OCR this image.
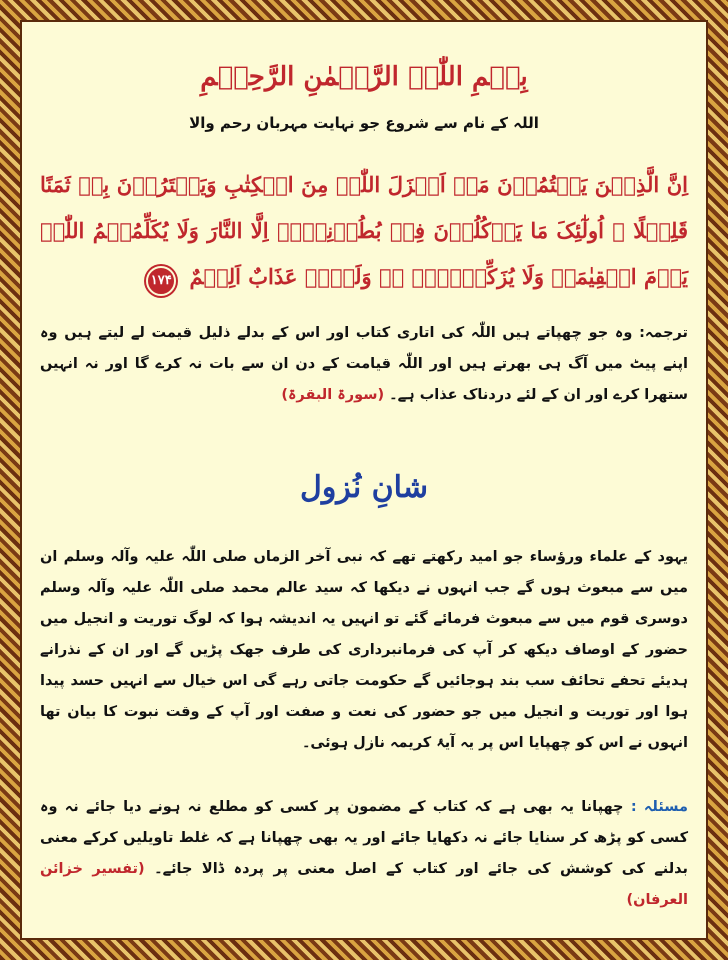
بِسۡمِ اللّٰہِ الرَّحۡمٰنِ الرَّحِیۡمِ
اللہ کے نام سے شروع جو نہایت مہربان رحم والا
اِنَّ الَّذِیۡنَ یَکۡتُمُوۡنَ مَاۤ اَنۡزَلَ اللّٰہُ مِنَ الۡکِتٰبِ وَیَشۡتَرُوۡنَ بِہٖ ثَمَنًا قَلِیۡلًا ۙ اُولٰٓئِکَ مَا یَاۡکُلُوۡنَ فِیۡ بُطُوۡنِہِمۡ اِلَّا النَّارَ وَلَا یُکَلِّمُہُمُ اللّٰہُ یَوۡمَ الۡقِیٰمَۃِ وَلَا یُزَکِّیۡہِمۡ ۚۖ وَلَہُمۡ عَذَابٌ اَلِیۡمٌ ۱۷۴
ترجمہ: وہ جو چھپاتے ہیں اللّٰہ کی اتاری کتاب اور اس کے بدلے ذلیل قیمت لے لیتے ہیں وہ اپنے پیٹ میں آگ ہی بھرتے ہیں اور اللّٰہ قیامت کے دن ان سے بات نہ کرے گا اور نہ انہیں ستھرا کرے اور ان کے لئے دردناک عذاب ہے۔ (سورۃ البقرۃ)
شانِ نُزول
یہود کے علماء ورؤساء جو امید رکھتے تھے کہ نبی آخر الزماں صلی اللّٰہ علیہ وآلہ وسلم ان میں سے مبعوث ہوں گے جب انہوں نے دیکھا کہ سید عالم محمد صلی اللّٰہ علیہ وآلہ وسلم دوسری قوم میں سے مبعوث فرمائے گئے تو انہیں یہ اندیشہ ہوا کہ لوگ توریت و انجیل میں حضور کے اوصاف دیکھ کر آپ کی فرمانبرداری کی طرف جھک پڑیں گے اور ان کے نذرانے ہدیئے تحفے تحائف سب بند ہوجائیں گے حکومت جاتی رہے گی اس خیال سے انہیں حسد پیدا ہوا اور توریت و انجیل میں جو حضور کی نعت و صفت اور آپ کے وقت نبوت کا بیان تھا انہوں نے اس کو چھپایا اس پر یہ آیۂ کریمہ نازل ہوئی۔
مسئلہ : چھپانا یہ بھی ہے کہ کتاب کے مضمون پر کسی کو مطلع نہ ہونے دیا جائے نہ وہ کسی کو پڑھ کر سنایا جائے نہ دکھایا جائے اور یہ بھی چھپانا ہے کہ غلط تاویلیں کرکے معنی بدلنے کی کوشش کی جائے اور کتاب کے اصل معنی پر پردہ ڈالا جائے۔ (تفسیر خزائن العرفان)
